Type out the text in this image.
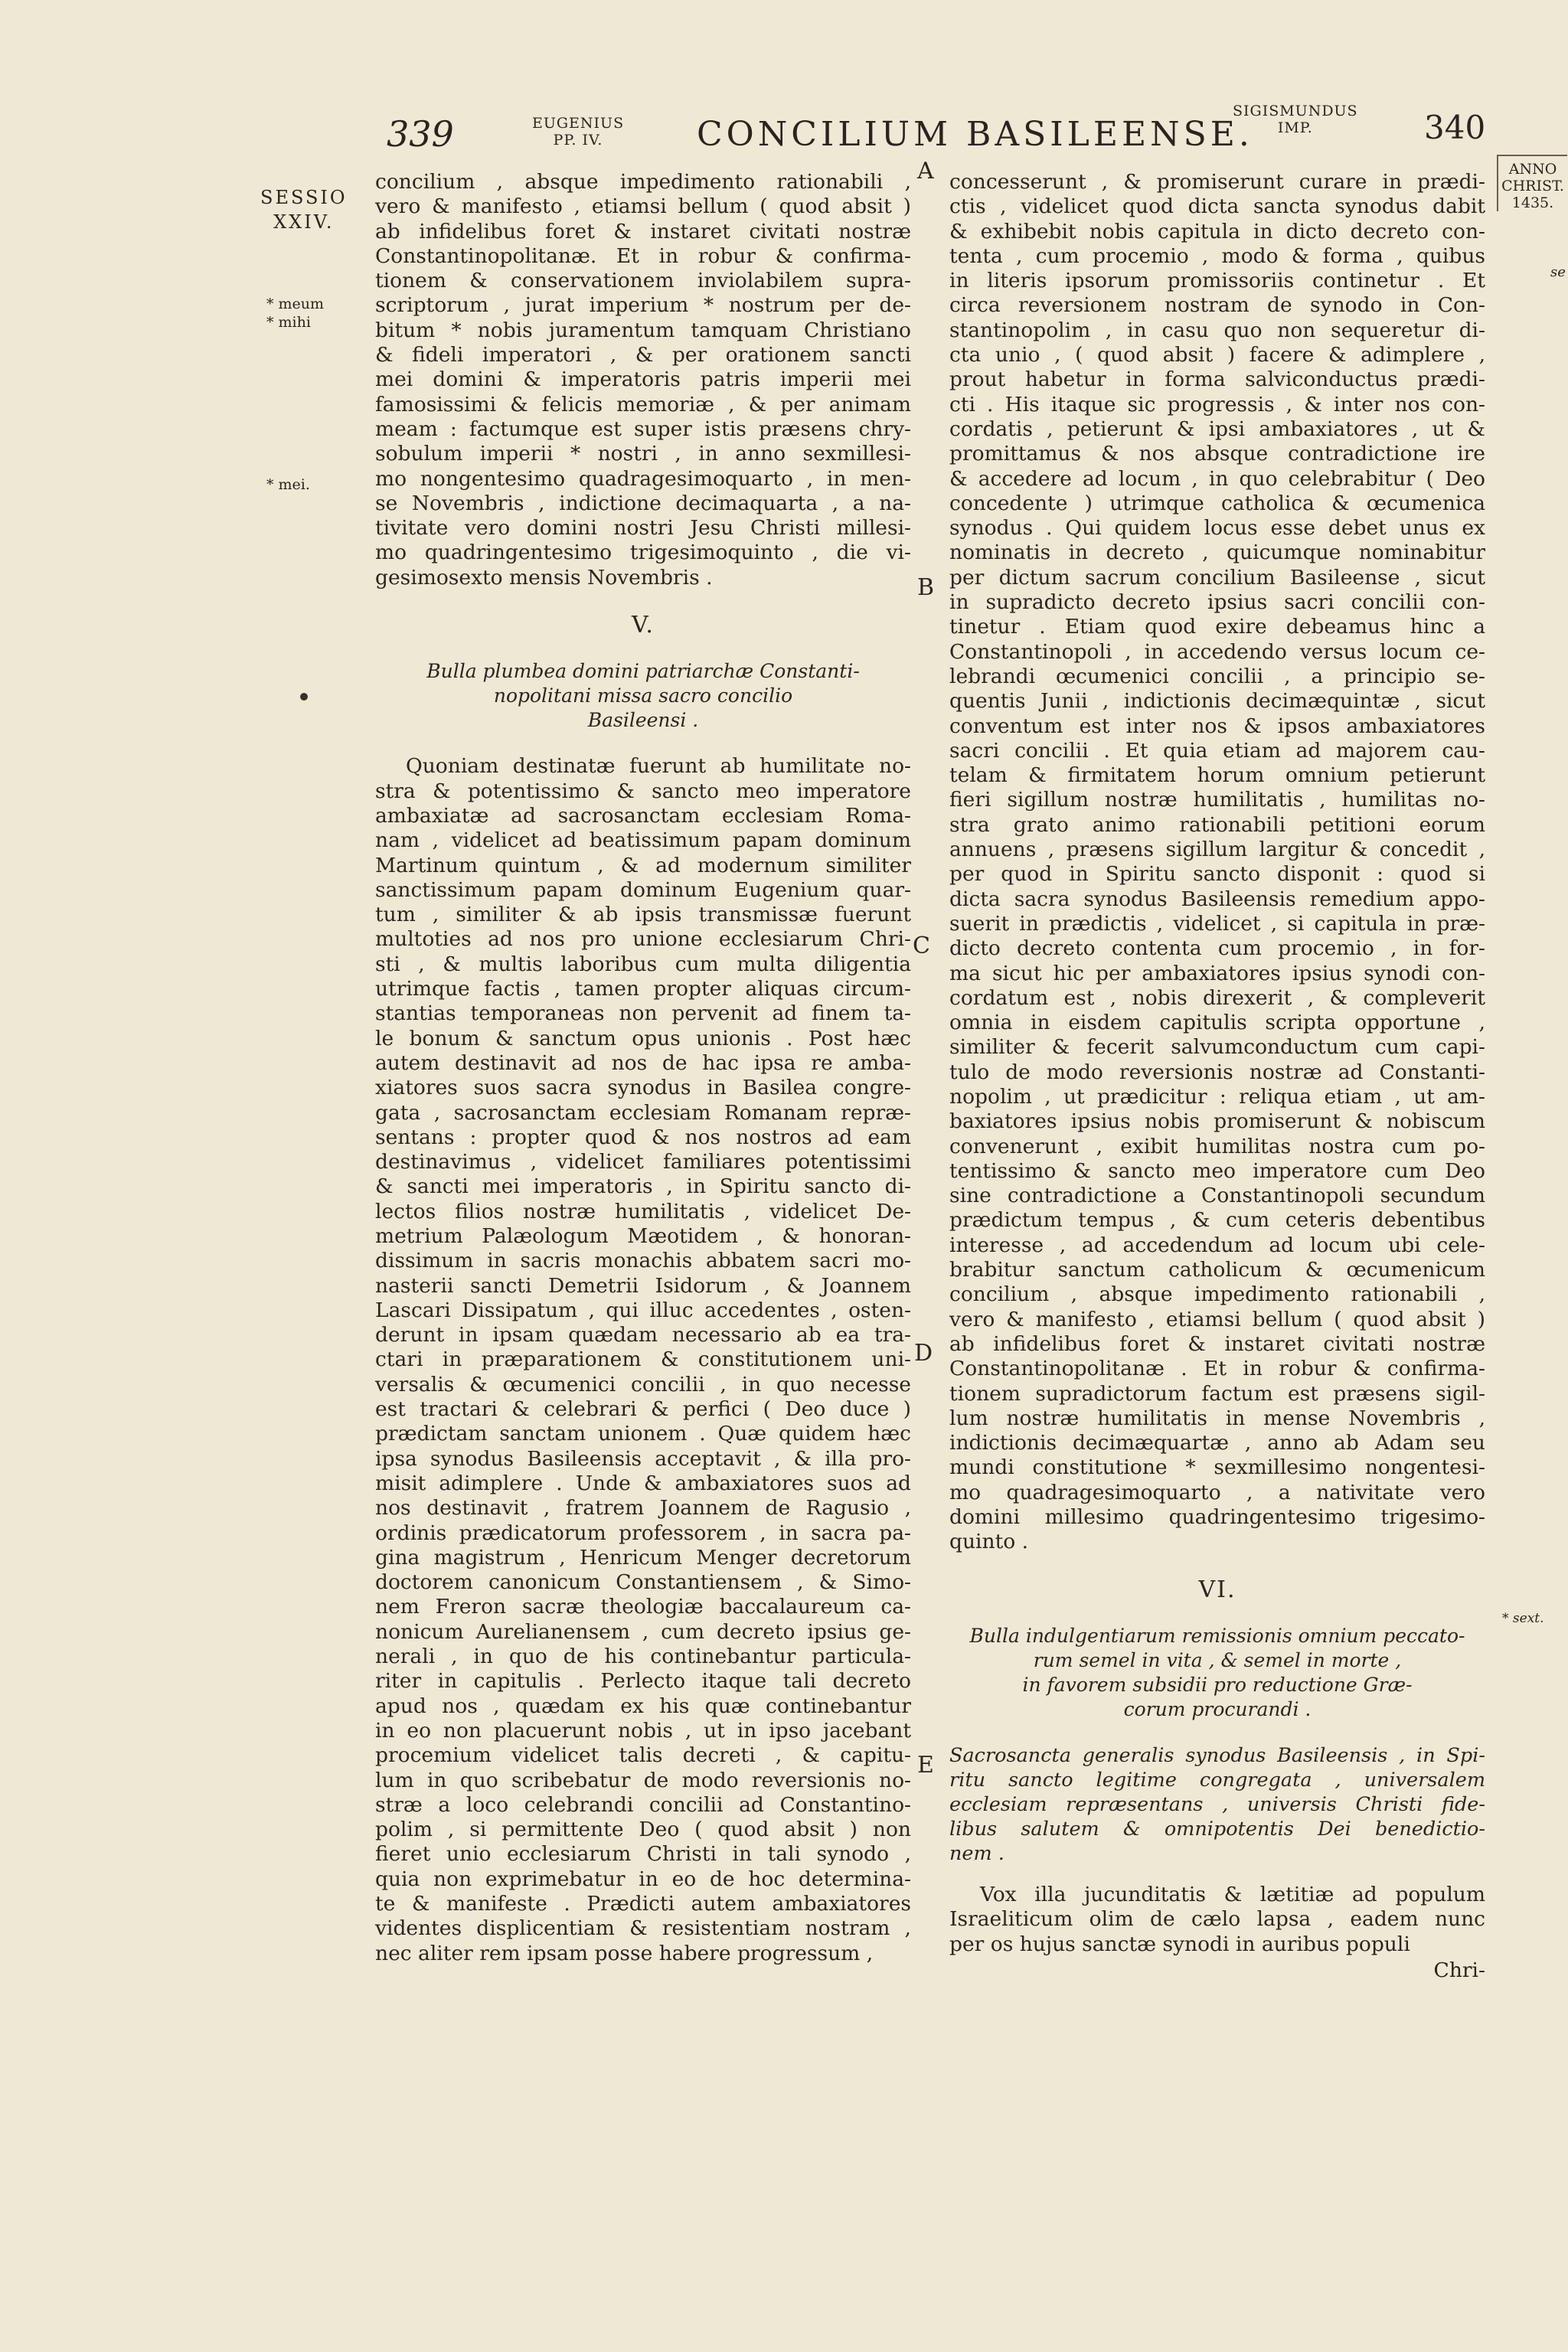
339	EUGENIUS
PP. IV.	CONCILIUM BASILEENSE.
SIGISMUNDUS
IMP.	340
SESSIO
XXIV.
* meum
* mihi
* mei.
ANNO
CHRIST.
1435.
se
* sext.
A
B
C
D
E
concilium , absque impedimento rationabili ,
vero & manifesto , etiamsi bellum ( quod absit )
ab infidelibus foret & instaret civitati nostræ
Constantinopolitanæ. Et in robur & confirma-
tionem & conservationem inviolabilem supra-
scriptorum , jurat imperium * nostrum per de-
bitum * nobis juramentum tamquam Christiano
& fideli imperatori , & per orationem sancti
mei domini & imperatoris patris imperii mei
famosissimi & felicis memoriæ , & per animam
meam : factumque est super istis præsens chry-
sobulum imperii * nostri , in anno sexmillesi-
mo nongentesimo quadragesimoquarto , in men-
se Novembris , indictione decimaquarta , a na-
tivitate vero domini nostri Jesu Christi millesi-
mo quadringentesimo trigesimoquinto , die vi-
gesimosexto mensis Novembris .
V.
Bulla plumbea domini patriarchæ Constanti-
nopolitani missa sacro concilio
Basileensi .
Quoniam destinatæ fuerunt ab humilitate no-
stra & potentissimo & sancto meo imperatore
ambaxiatæ ad sacrosanctam ecclesiam Roma-
nam , videlicet ad beatissimum papam dominum
Martinum quintum , & ad modernum similiter
sanctissimum papam dominum Eugenium quar-
tum , similiter & ab ipsis transmissæ fuerunt
multoties ad nos pro unione ecclesiarum Chri-
sti , & multis laboribus cum multa diligentia
utrimque factis , tamen propter aliquas circum-
stantias temporaneas non pervenit ad finem ta-
le bonum & sanctum opus unionis . Post hæc
autem destinavit ad nos de hac ipsa re amba-
xiatores suos sacra synodus in Basilea congre-
gata , sacrosanctam ecclesiam Romanam repræ-
sentans : propter quod & nos nostros ad eam
destinavimus , videlicet familiares potentissimi
& sancti mei imperatoris , in Spiritu sancto di-
lectos filios nostræ humilitatis , videlicet De-
metrium Palæologum Mæotidem , & honoran-
dissimum in sacris monachis abbatem sacri mo-
nasterii sancti Demetrii Isidorum , & Joannem
Lascari Dissipatum , qui illuc accedentes , osten-
derunt in ipsam quædam necessario ab ea tra-
ctari in præparationem & constitutionem uni-
versalis & œcumenici concilii , in quo necesse
est tractari & celebrari & perfici ( Deo duce )
prædictam sanctam unionem . Quæ quidem hæc
ipsa synodus Basileensis acceptavit , & illa pro-
misit adimplere . Unde & ambaxiatores suos ad
nos destinavit , fratrem Joannem de Ragusio ,
ordinis prædicatorum professorem , in sacra pa-
gina magistrum , Henricum Menger decretorum
doctorem canonicum Constantiensem , & Simo-
nem Freron sacræ theologiæ baccalaureum ca-
nonicum Aurelianensem , cum decreto ipsius ge-
nerali , in quo de his continebantur particula-
riter in capitulis . Perlecto itaque tali decreto
apud nos , quædam ex his quæ continebantur
in eo non placuerunt nobis , ut in ipso jacebant
procemium videlicet talis decreti , & capitu-
lum in quo scribebatur de modo reversionis no-
stræ a loco celebrandi concilii ad Constantino-
polim , si permittente Deo ( quod absit ) non
fieret unio ecclesiarum Christi in tali synodo ,
quia non exprimebatur in eo de hoc determina-
te & manifeste . Prædicti autem ambaxiatores
videntes displicentiam & resistentiam nostram ,
nec aliter rem ipsam posse habere progressum ,
concesserunt , & promiserunt curare in prædi-
ctis , videlicet quod dicta sancta synodus dabit
& exhibebit nobis capitula in dicto decreto con-
tenta , cum procemio , modo & forma , quibus
in literis ipsorum promissoriis continetur . Et
circa reversionem nostram de synodo in Con-
stantinopolim , in casu quo non sequeretur di-
cta unio , ( quod absit ) facere & adimplere ,
prout habetur in forma salviconductus prædi-
cti . His itaque sic progressis , & inter nos con-
cordatis , petierunt & ipsi ambaxiatores , ut &
promittamus & nos absque contradictione ire
& accedere ad locum , in quo celebrabitur ( Deo
concedente ) utrimque catholica & œcumenica
synodus . Qui quidem locus esse debet unus ex
nominatis in decreto , quicumque nominabitur
per dictum sacrum concilium Basileense , sicut
in supradicto decreto ipsius sacri concilii con-
tinetur . Etiam quod exire debeamus hinc a
Constantinopoli , in accedendo versus locum ce-
lebrandi œcumenici concilii , a principio se-
quentis Junii , indictionis decimæquintæ , sicut
conventum est inter nos & ipsos ambaxiatores
sacri concilii . Et quia etiam ad majorem cau-
telam & firmitatem horum omnium petierunt
fieri sigillum nostræ humilitatis , humilitas no-
stra grato animo rationabili petitioni eorum
annuens , præsens sigillum largitur & concedit ,
per quod in Spiritu sancto disponit : quod si
dicta sacra synodus Basileensis remedium appo-
suerit in prædictis , videlicet , si capitula in præ-
dicto decreto contenta cum procemio , in for-
ma sicut hic per ambaxiatores ipsius synodi con-
cordatum est , nobis direxerit , & compleverit
omnia in eisdem capitulis scripta opportune ,
similiter & fecerit salvumconductum cum capi-
tulo de modo reversionis nostræ ad Constanti-
nopolim , ut prædicitur : reliqua etiam , ut am-
baxiatores ipsius nobis promiserunt & nobiscum
convenerunt , exibit humilitas nostra cum po-
tentissimo & sancto meo imperatore cum Deo
sine contradictione a Constantinopoli secundum
prædictum tempus , & cum ceteris debentibus
interesse , ad accedendum ad locum ubi cele-
brabitur sanctum catholicum & œcumenicum
concilium , absque impedimento rationabili ,
vero & manifesto , etiamsi bellum ( quod absit )
ab infidelibus foret & instaret civitati nostræ
Constantinopolitanæ . Et in robur & confirma-
tionem supradictorum factum est præsens sigil-
lum nostræ humilitatis in mense Novembris ,
indictionis decimæquartæ , anno ab Adam seu
mundi constitutione * sexmillesimo nongentesi-
mo quadragesimoquarto , a nativitate vero
domini millesimo quadringentesimo trigesimo-
quinto .
VI.
Bulla indulgentiarum remissionis omnium peccato-
rum semel in vita , & semel in morte ,
in favorem subsidii pro reductione Græ-
corum procurandi .
Sacrosancta generalis synodus Basileensis , in Spi-
ritu sancto legitime congregata , universalem
ecclesiam repræsentans , universis Christi fide-
libus salutem & omnipotentis Dei benedictio-
nem .
Vox illa jucunditatis & lætitiæ ad populum
Israeliticum olim de cælo lapsa , eadem nunc
per os hujus sanctæ synodi in auribus populi
Chri-
